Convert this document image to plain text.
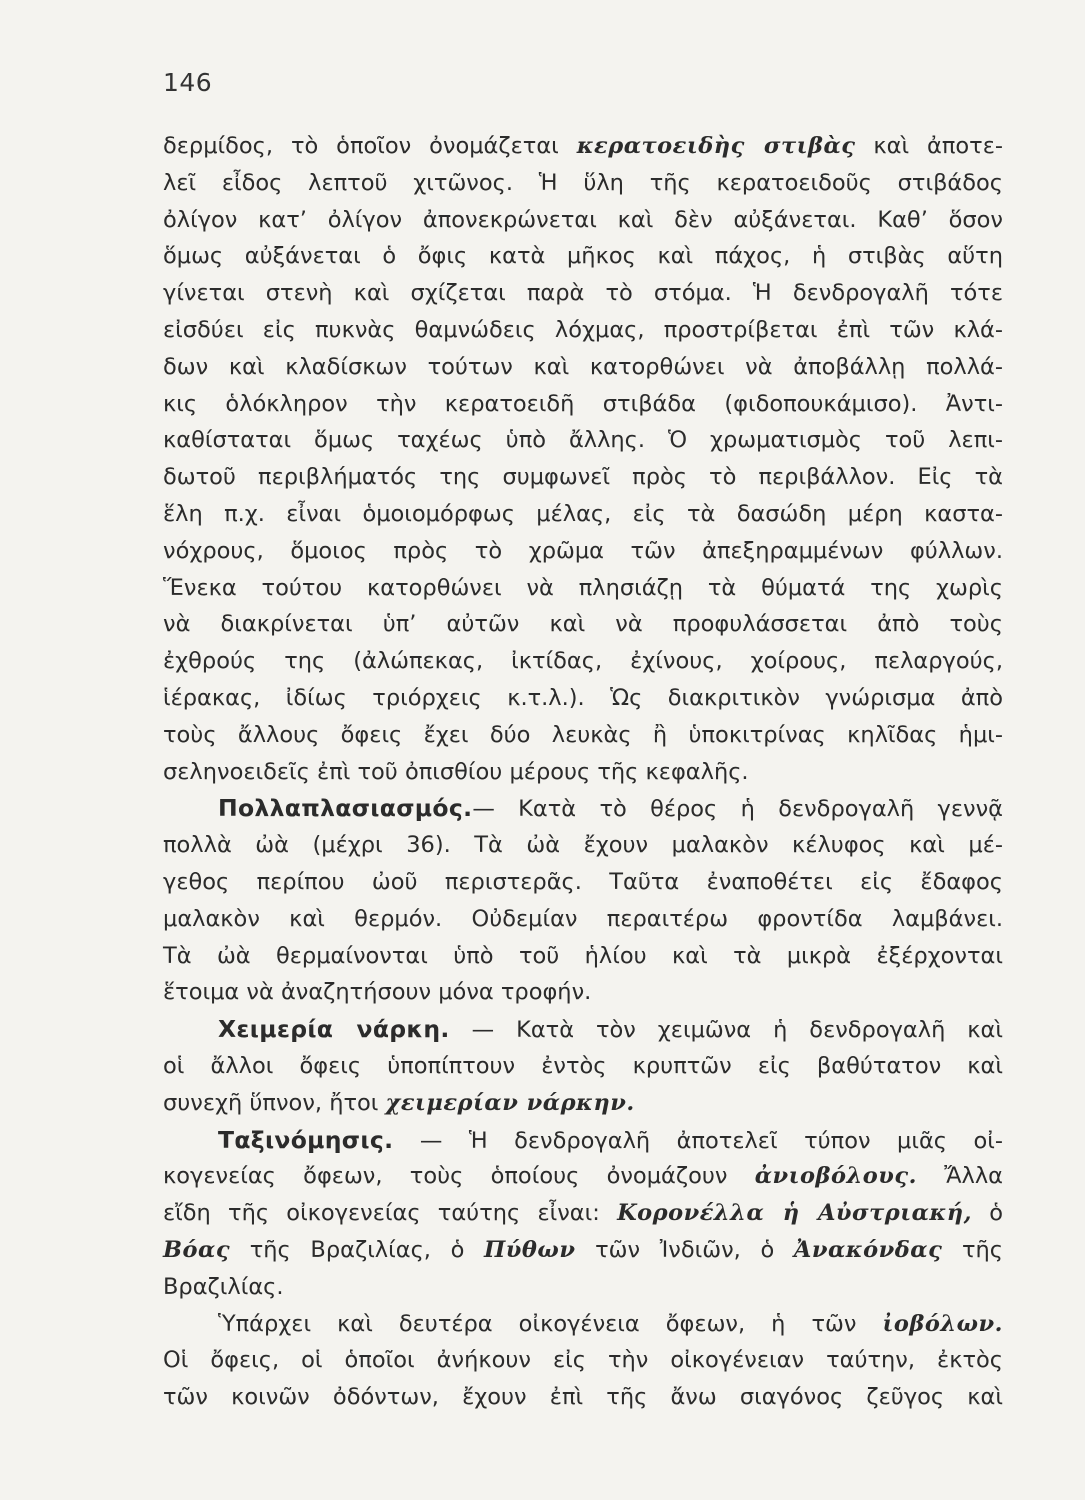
146
δερμίδος, τὸ ὁποῖον ὀνομάζεται κερατοειδὴς στιβὰς καὶ ἀποτε-
λεῖ εἶδος λεπτοῦ χιτῶνος. Ἡ ὕλη τῆς κερατοειδοῦς στιβάδος
ὀλίγον κατ’ ὀλίγον ἀπονεκρώνεται καὶ δὲν αὐξάνεται. Καθ’ ὅσον
ὅμως αὐξάνεται ὁ ὄφις κατὰ μῆκος καὶ πάχος, ἡ στιβὰς αὕτη
γίνεται στενὴ καὶ σχίζεται παρὰ τὸ στόμα. Ἡ δενδρογαλῆ τότε
εἰσδύει εἰς πυκνὰς θαμνώδεις λόχμας, προστρίβεται ἐπὶ τῶν κλά-
δων καὶ κλαδίσκων τούτων καὶ κατορθώνει νὰ ἀποβάλλῃ πολλά-
κις ὁλόκληρον τὴν κερατοειδῆ στιβάδα (φιδοπουκάμισο). Ἀντι-
καθίσταται ὅμως ταχέως ὑπὸ ἄλλης. Ὁ χρωματισμὸς τοῦ λεπι-
δωτοῦ περιβλήματός της συμφωνεῖ πρὸς τὸ περιβάλλον. Εἰς τὰ
ἕλη π.χ. εἶναι ὁμοιομόρφως μέλας, εἰς τὰ δασώδη μέρη καστα-
νόχρους, ὅμοιος πρὸς τὸ χρῶμα τῶν ἀπεξηραμμένων φύλλων.
Ἕνεκα τούτου κατορθώνει νὰ πλησιάζῃ τὰ θύματά της χωρὶς
νὰ διακρίνεται ὑπ’ αὐτῶν καὶ νὰ προφυλάσσεται ἀπὸ τοὺς
ἐχθρούς της (ἀλώπεκας, ἰκτίδας, ἐχίνους, χοίρους, πελαργούς,
ἱέρακας, ἰδίως τριόρχεις κ.τ.λ.). Ὡς διακριτικὸν γνώρισμα ἀπὸ
τοὺς ἄλλους ὄφεις ἔχει δύο λευκὰς ἢ ὑποκιτρίνας κηλῖδας ἡμι-
σεληνοειδεῖς ἐπὶ τοῦ ὀπισθίου μέρους τῆς κεφαλῆς.
Πολλαπλασιασμός.— Κατὰ τὸ θέρος ἡ δενδρογαλῆ γεννᾷ
πολλὰ ὠὰ (μέχρι 36). Τὰ ὠὰ ἔχουν μαλακὸν κέλυφος καὶ μέ-
γεθος περίπου ὠοῦ περιστερᾶς. Ταῦτα ἐναποθέτει εἰς ἔδαφος
μαλακὸν καὶ θερμόν. Οὐδεμίαν περαιτέρω φροντίδα λαμβάνει.
Τὰ ὠὰ θερμαίνονται ὑπὸ τοῦ ἡλίου καὶ τὰ μικρὰ ἐξέρχονται
ἕτοιμα νὰ ἀναζητήσουν μόνα τροφήν.
Χειμερία νάρκη. — Κατὰ τὸν χειμῶνα ἡ δενδρογαλῆ καὶ
οἱ ἄλλοι ὄφεις ὑποπίπτουν ἐντὸς κρυπτῶν εἰς βαθύτατον καὶ
συνεχῆ ὕπνον, ἤτοι χειμερίαν νάρκην.
Ταξινόμησις. — Ἡ δενδρογαλῆ ἀποτελεῖ τύπον μιᾶς οἰ-
κογενείας ὄφεων, τοὺς ὁποίους ὀνομάζουν ἀνιοβόλους. Ἄλλα
εἴδη τῆς οἰκογενείας ταύτης εἶναι: Κορονέλλα ἡ Αὐστριακή, ὁ
Βόας τῆς Βραζιλίας, ὁ Πύθων τῶν Ἰνδιῶν, ὁ Ἀνακόνδας τῆς
Βραζιλίας.
Ὑπάρχει καὶ δευτέρα οἰκογένεια ὄφεων, ἡ τῶν ἰοβόλων.
Οἱ ὄφεις, οἱ ὁποῖοι ἀνήκουν εἰς τὴν οἰκογένειαν ταύτην, ἐκτὸς
τῶν κοινῶν ὀδόντων, ἔχουν ἐπὶ τῆς ἄνω σιαγόνος ζεῦγος καὶ
